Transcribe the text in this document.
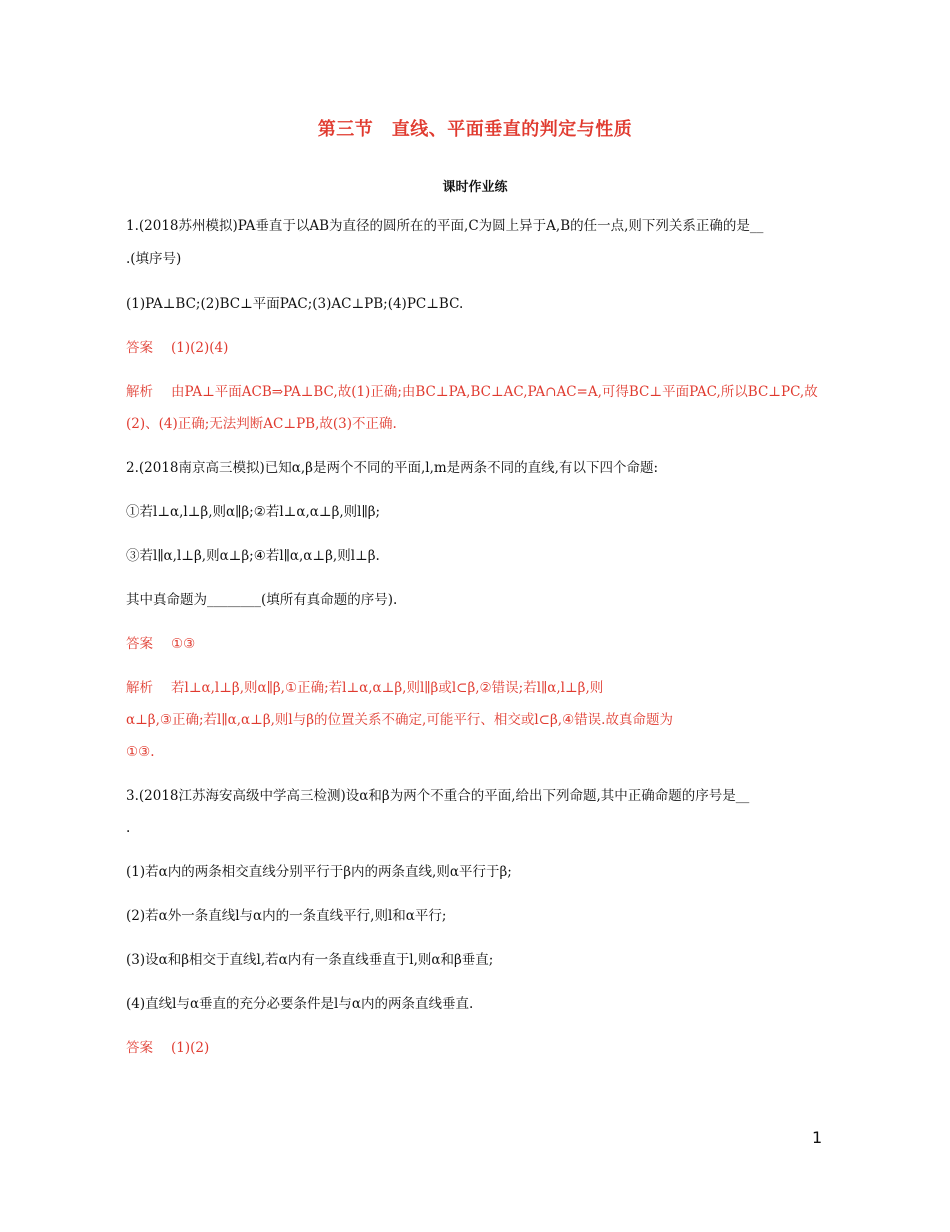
第三节　直线、平面垂直的判定与性质
课时作业练
1.(2018苏州模拟)PA垂直于以AB为直径的圆所在的平面,C为圆上异于A,B的任一点,则下列关系正确的是__
.(填序号)
(1)PA⊥BC;(2)BC⊥平面PAC;(3)AC⊥PB;(4)PC⊥BC.
答案 (1)(2)(4)
解析 由PA⊥平面ACB⇒PA⊥BC,故(1)正确;由BC⊥PA,BC⊥AC,PA∩AC=A,可得BC⊥平面PAC,所以BC⊥PC,故
(2)、(4)正确;无法判断AC⊥PB,故(3)不正确.
2.(2018南京高三模拟)已知α,β是两个不同的平面,l,m是两条不同的直线,有以下四个命题:
①若l⊥α,l⊥β,则α∥β;②若l⊥α,α⊥β,则l∥β;
③若l∥α,l⊥β,则α⊥β;④若l∥α,α⊥β,则l⊥β.
其中真命题为________(填所有真命题的序号).
答案 ①③
解析 若l⊥α,l⊥β,则α∥β,①正确;若l⊥α,α⊥β,则l∥β或l⊂β,②错误;若l∥α,l⊥β,则
α⊥β,③正确;若l∥α,α⊥β,则l与β的位置关系不确定,可能平行、相交或l⊂β,④错误.故真命题为
①③.
3.(2018江苏海安高级中学高三检测)设α和β为两个不重合的平面,给出下列命题,其中正确命题的序号是__
.
(1)若α内的两条相交直线分别平行于β内的两条直线,则α平行于β;
(2)若α外一条直线l与α内的一条直线平行,则l和α平行;
(3)设α和β相交于直线l,若α内有一条直线垂直于l,则α和β垂直;
(4)直线l与α垂直的充分必要条件是l与α内的两条直线垂直.
答案 (1)(2)
1
